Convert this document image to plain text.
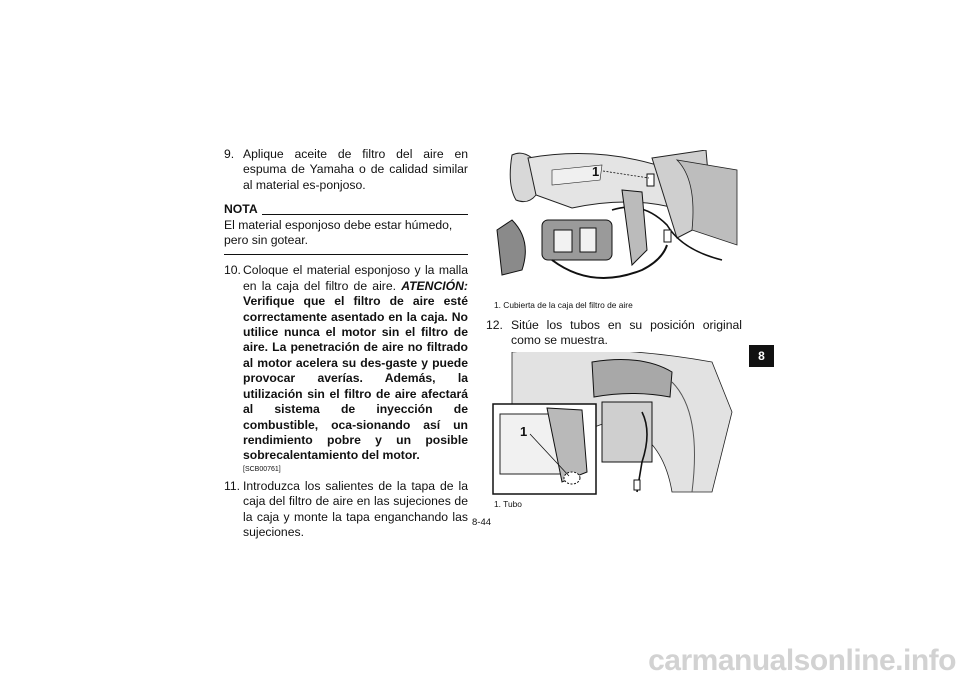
9. Aplique aceite de filtro del aire en espuma de Yamaha o de calidad similar al material es-ponjoso.
NOTA

El material esponjoso debe estar húmedo, pero sin gotear.

10. Coloque el material esponjoso y la malla en la caja del filtro de aire. ATENCIÓN: Verifique que el filtro de aire esté correctamente asentado en la caja. No utilice nunca el motor sin el filtro de aire. La penetración de aire no filtrado al motor acelera su des-gaste y puede provocar averías. Además, la utilización sin el filtro de aire afectará al sistema de inyección de combustible, oca-sionando así un rendimiento pobre y un posible sobrecalentamiento del motor.
[SCB00761]
11. Introduzca los salientes de la tapa de la caja del filtro de aire en las sujeciones de la caja y monte la tapa enganchando las sujeciones.
1
1. Cubierta de la caja del filtro de aire
12. Sitúe los tubos en su posición original como se muestra.
1
1. Tubo
8
8-44
carmanualsonline.info
